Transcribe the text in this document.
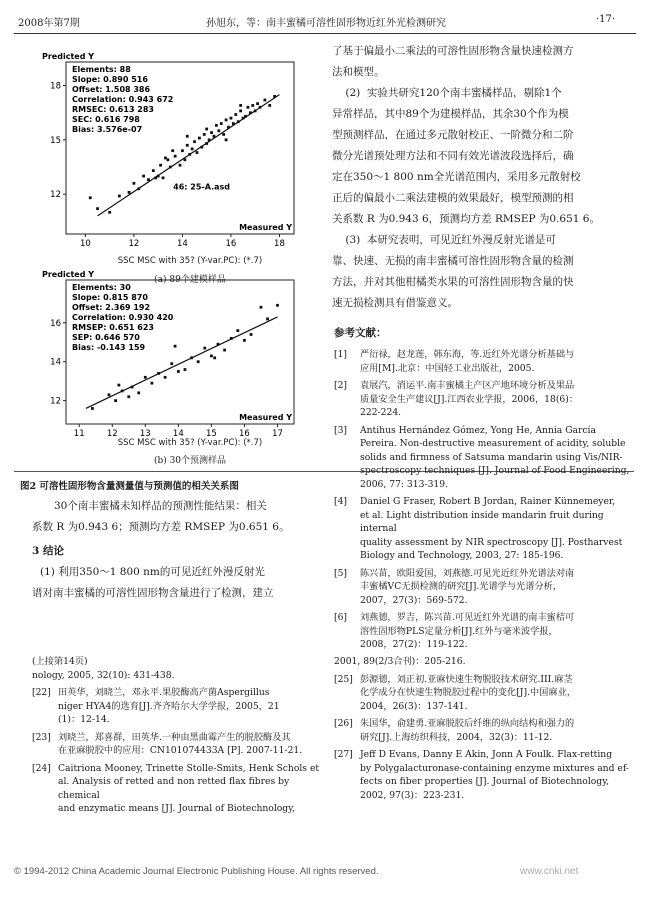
2008年第7期	孙旭东，等：南丰蜜橘可溶性固形物近红外光检测研究	·17·
10	12	14	16	18
12
15
18
Predicted Y
Measured Y
Elements: 88
Slope: 0.890 516
Offset: 1.508 386
Correlation: 0.943 672
RMSEC: 0.613 283
SEC: 0.616 798
Bias: 3.576e-07
46: 25-A.asd
SSC MSC with 35? (Y-var.PC): (*.7)
(a) 89个建模样品
11	12	13	14	15	16	17
12
14
16
Predicted Y
Measured Y
Elements: 30
Slope: 0.815 870
Offset: 2.369 192
Correlation: 0.930 420
RMSEP: 0.651 623
SEP: 0.646 570
Bias: -0.143 159
SSC MSC with 35? (Y-var.PC): (*.7)
(b) 30个预测样品
图2 可溶性固形物含量测量值与预测值的相关关系图
30个南丰蜜橘未知样品的预测性能结果：相关
系数 R 为0.943 6；预测均方差 RMSEP 为0.651 6。
3 结论
(1) 利用350～1 800 nm的可见近红外漫反射光
谱对南丰蜜橘的可溶性固形物含量进行了检测，建立
了基于偏最小二乘法的可溶性固形物含量快速检测方
法和模型。
(2)  实验共研究120个南丰蜜橘样品，剔除1个
异常样品，其中89个为建模样品，其余30个作为模
型预测样品，在通过多元散射校正、一阶微分和二阶
微分光谱预处理方法和不同有效光谱波段选择后，确
定在350～1 800 nm全光谱范围内，采用多元散射校
正后的偏最小二乘法建模的效果最好，模型预测的相
关系数 R 为0.943 6，预测均方差 RMSEP 为0.651 6。
(3)  本研究表明，可见近红外漫反射光谱是可
靠、快速、无损的南丰蜜橘可溶性固形物含量的检测
方法，并对其他柑橘类水果的可溶性固形物含量的快
速无损检测具有借鉴意义。
参考文献：
[1] 严衍禄，赵龙莲，韩东海，等.近红外光谱分析基础与
应用[M].北京：中国轻工业出版社，2005.
[2] 袁展汽，消运平.南丰蜜橘主产区产地环境分析及果品
质量安全生产建议[J].江西农业学报，2006，18(6)：
222-224.
[3] Antihus Hernández Gómez, Yong He, Annia García
Pereira. Non-destructive measurement of acidity, soluble
solids and firmness of Satsuma mandarin using Vis/NIR-
spectroscopy techniques [J]. Journal of Food Engineering,
2006, 77: 313-319.
[4] Daniel G Fraser, Robert B Jordan, Rainer Künnemeyer,
et al. Light distribution inside mandarin fruit during internal
quality assessment by NIR spectroscopy [J]. Postharvest
Biology and Technology, 2003, 27: 185-196.
[5] 陈兴苗，欧阳爱国，刘燕德.可见光近红外光谱法对南
丰蜜橘VC无损检测的研究[J].光谱学与光谱分析，
2007，27(3)：569-572.
[6] 刘燕德，罗吉，陈兴苗.可见近红外光谱的南丰蜜桔可
溶性固形物PLS定量分析[J].红外与毫米波学报，
2008，27(2)：119-122.
(上接第14页)
nology, 2005, 32(10): 431-438.
[22] 田英华，刘晓兰，邓永平.果胶酶高产菌Aspergillus
niger HYA4的选育[J].齐齐哈尔大学学报，2005，21
(1)：12-14.
[23] 刘晓兰，郑喜群，田英华.一种由黑曲霉产生的脱胶酶及其
在亚麻脱胶中的应用：CN101074433A [P]. 2007-11-21.
[24] Caitriona Mooney, Trinette Stolle-Smits, Henk Schols et
al. Analysis of retted and non retted flax fibres by chemical
and enzymatic means [J]. Journal of Biotechnology,
2001, 89(2/3合刊)：205-216.
[25] 彭源德，刘正初.亚麻快速生物脱胶技术研究.III.麻茎
化学成分在快速生物脱胶过程中的变化[J].中国麻业，
2004，26(3)：137-141.
[26] 朱国华，俞建勇.亚麻脱胶后纤维的纵向结构和强力的
研究[J].上海纺织科技，2004，32(3)：11-12.
[27] Jeff D Evans, Danny E Akin, Jonn A Foulk. Flax-retting
by Polygalacturonase-containing enzyme mixtures and ef-
fects on fiber properties [J]. Journal of Biotechnology,
2002, 97(3)：223-231.
© 1994-2012 China Academic Journal Electronic Publishing House. All rights reserved.	www.cnki.net
